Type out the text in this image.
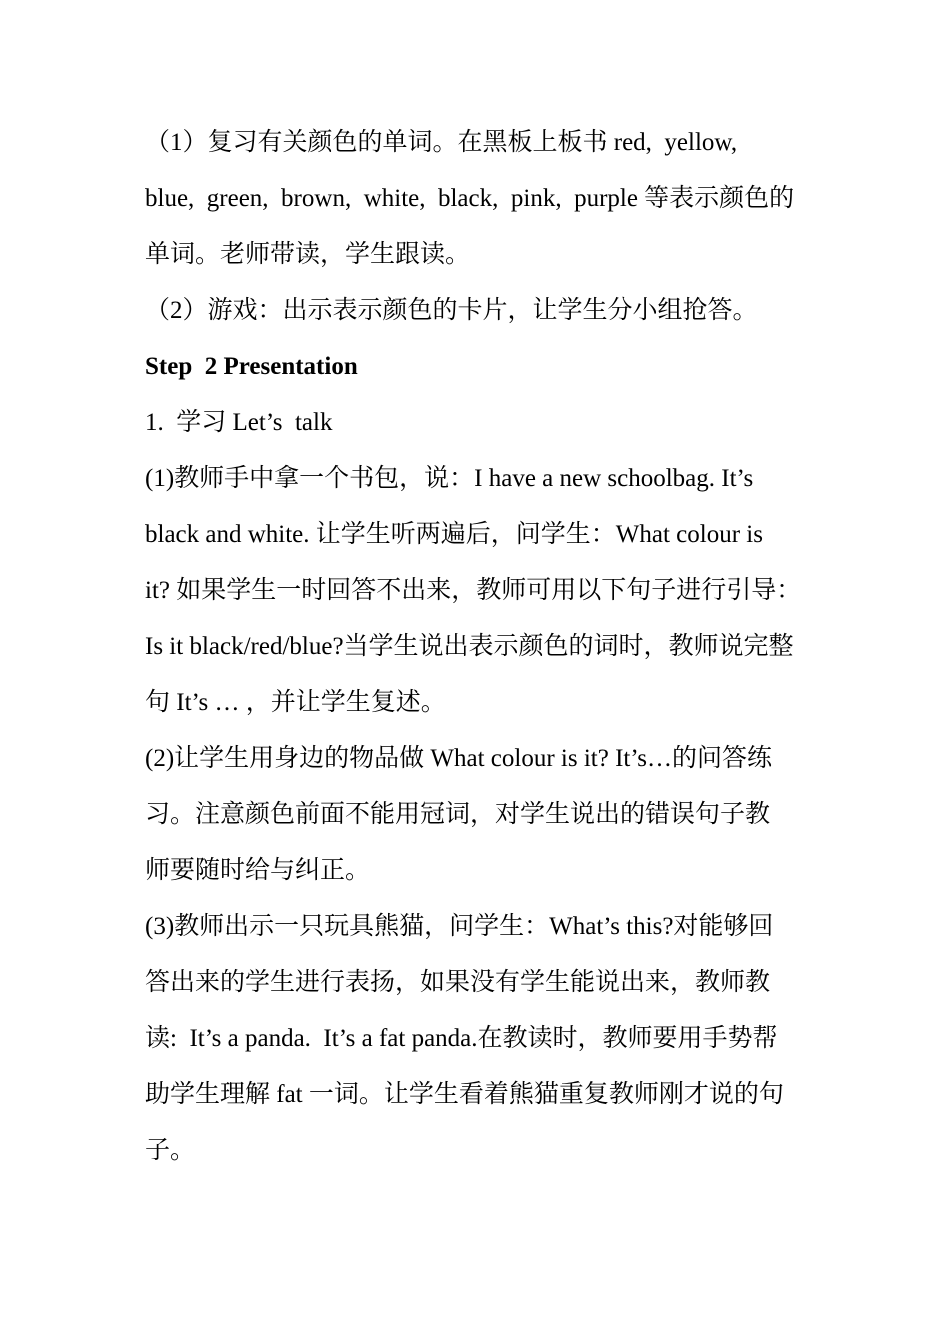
（1）复习有关颜色的单词。在黑板上板书 red,  yellow,
blue,  green,  brown,  white,  black,  pink,  purple 等表示颜色的
单词。老师带读，学生跟读。
（2）游戏：出示表示颜色的卡片，让学生分小组抢答。
Step  2 Presentation
1.  学习 Let’s  talk
(1)教师手中拿一个书包，说：I have a new schoolbag. It’s
black and white. 让学生听两遍后，问学生：What colour is
it? 如果学生一时回答不出来，教师可用以下句子进行引导：
Is it black/red/blue?当学生说出表示颜色的词时，教师说完整
句 It’s … ，并让学生复述。
(2)让学生用身边的物品做 What colour is it? It’s…的问答练
习。注意颜色前面不能用冠词，对学生说出的错误句子教
师要随时给与纠正。
(3)教师出示一只玩具熊猫，问学生：What’s this?对能够回
答出来的学生进行表扬，如果没有学生能说出来，教师教
读:  It’s a panda.  It’s a fat panda.在教读时，教师要用手势帮
助学生理解 fat 一词。让学生看着熊猫重复教师刚才说的句
子。
